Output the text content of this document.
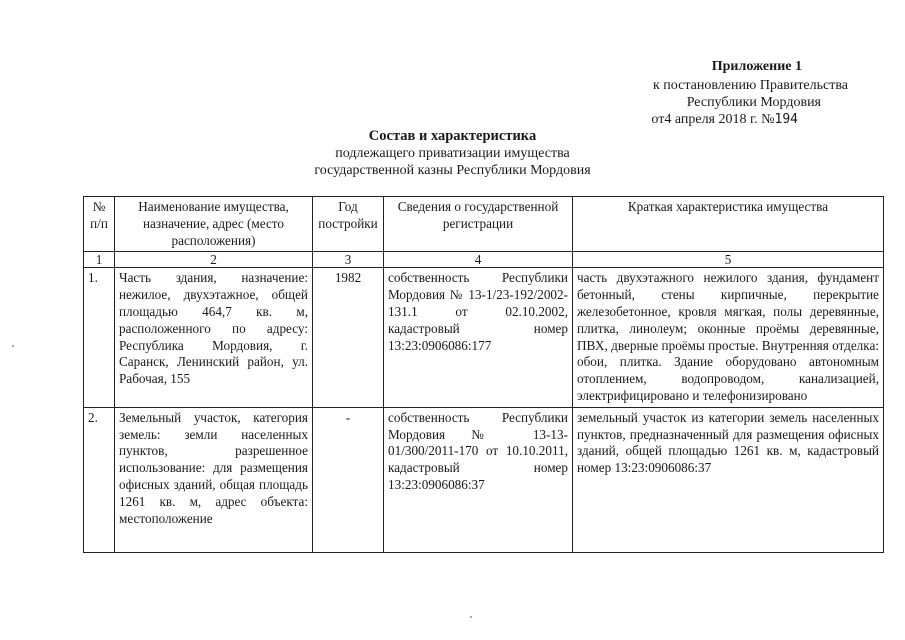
Приложение 1
к постановлению Правительства
Республики Мордовия
от4 апреля 2018 г. №194
Состав и характеристика
подлежащего приватизации имущества
государственной казны Республики Мордовия
№ п/п	Наименование имущества, назначение, адрес (место расположения)	Год постройки	Сведения о государственной регистрации	Краткая характеристика имущества
1	2	3	4	5
1.	Часть здания, назначение: нежилое, двухэтажное, общей площадью 464,7 кв. м, расположенного по адресу: Республика Мордовия, г. Саранск, Ленинский район, ул. Рабочая, 155	1982	собственность Республики Мордовия № 13-1/23-192/2002-131.1 от 02.10.2002, кадастровый номер 13:23:0906086:177	часть двухэтажного нежилого здания, фундамент бетонный, стены кирпичные, перекрытие железобетонное, кровля мягкая, полы деревянные, плитка, линолеум; оконные проёмы деревянные, ПВХ, дверные проёмы простые. Внутренняя отделка: обои, плитка. Здание оборудовано автономным отоплением, водопроводом, канализацией, электрифицировано и телефонизировано
2.	Земельный участок, категория земель: земли населенных пунктов, разрешенное использование: для размещения офисных зданий, общая площадь 1261 кв. м, адрес объекта: местоположение	-	собственность Республики Мордовия № 13-13-01/300/2011-170 от 10.10.2011, кадастровый номер 13:23:0906086:37	земельный участок из категории земель населенных пунктов, предназначенный для размещения офисных зданий, общей площадью 1261 кв. м, кадастровый номер 13:23:0906086:37
